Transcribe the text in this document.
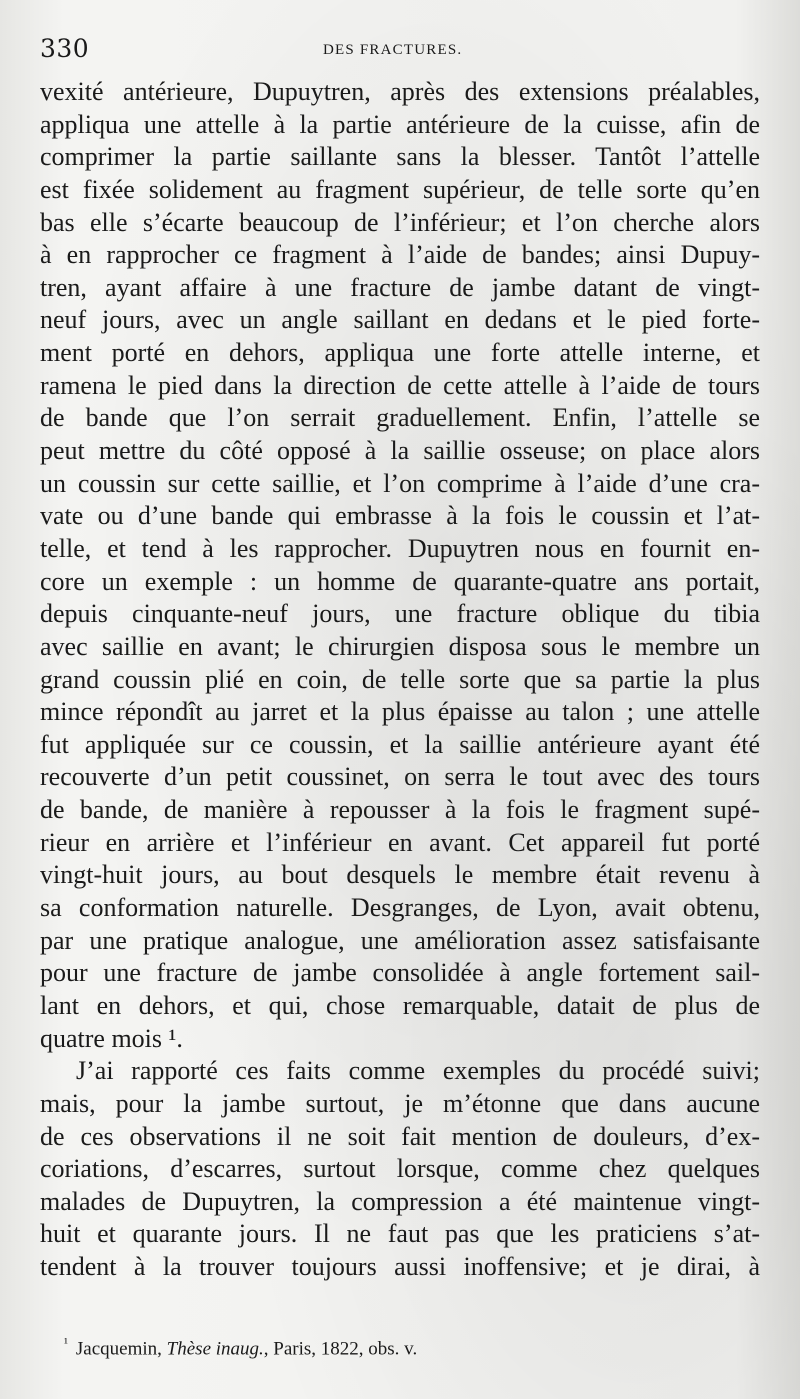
330	DES FRACTURES.
vexité antérieure, Dupuytren, après des extensions préalables,
appliqua une attelle à la partie antérieure de la cuisse, afin de
comprimer la partie saillante sans la blesser. Tantôt l’attelle
est fixée solidement au fragment supérieur, de telle sorte qu’en
bas elle s’écarte beaucoup de l’inférieur; et l’on cherche alors
à en rapprocher ce fragment à l’aide de bandes; ainsi Dupuy-
tren, ayant affaire à une fracture de jambe datant de vingt-
neuf jours, avec un angle saillant en dedans et le pied forte-
ment porté en dehors, appliqua une forte attelle interne, et
ramena le pied dans la direction de cette attelle à l’aide de tours
de bande que l’on serrait graduellement. Enfin, l’attelle se
peut mettre du côté opposé à la saillie osseuse; on place alors
un coussin sur cette saillie, et l’on comprime à l’aide d’une cra-
vate ou d’une bande qui embrasse à la fois le coussin et l’at-
telle, et tend à les rapprocher. Dupuytren nous en fournit en-
core un exemple : un homme de quarante-quatre ans portait,
depuis cinquante-neuf jours, une fracture oblique du tibia
avec saillie en avant; le chirurgien disposa sous le membre un
grand coussin plié en coin, de telle sorte que sa partie la plus
mince répondît au jarret et la plus épaisse au talon ; une attelle
fut appliquée sur ce coussin, et la saillie antérieure ayant été
recouverte d’un petit coussinet, on serra le tout avec des tours
de bande, de manière à repousser à la fois le fragment supé-
rieur en arrière et l’inférieur en avant. Cet appareil fut porté
vingt-huit jours, au bout desquels le membre était revenu à
sa conformation naturelle. Desgranges, de Lyon, avait obtenu,
par une pratique analogue, une amélioration assez satisfaisante
pour une fracture de jambe consolidée à angle fortement sail-
lant en dehors, et qui, chose remarquable, datait de plus de
quatre mois ¹.
J’ai rapporté ces faits comme exemples du procédé suivi;
mais, pour la jambe surtout, je m’étonne que dans aucune
de ces observations il ne soit fait mention de douleurs, d’ex-
coriations, d’escarres, surtout lorsque, comme chez quelques
malades de Dupuytren, la compression a été maintenue vingt-
huit et quarante jours. Il ne faut pas que les praticiens s’at-
tendent à la trouver toujours aussi inoffensive; et je dirai, à
$^{^1}$ Jacquemin, Thèse inaug., Paris, 1822, obs. v.
